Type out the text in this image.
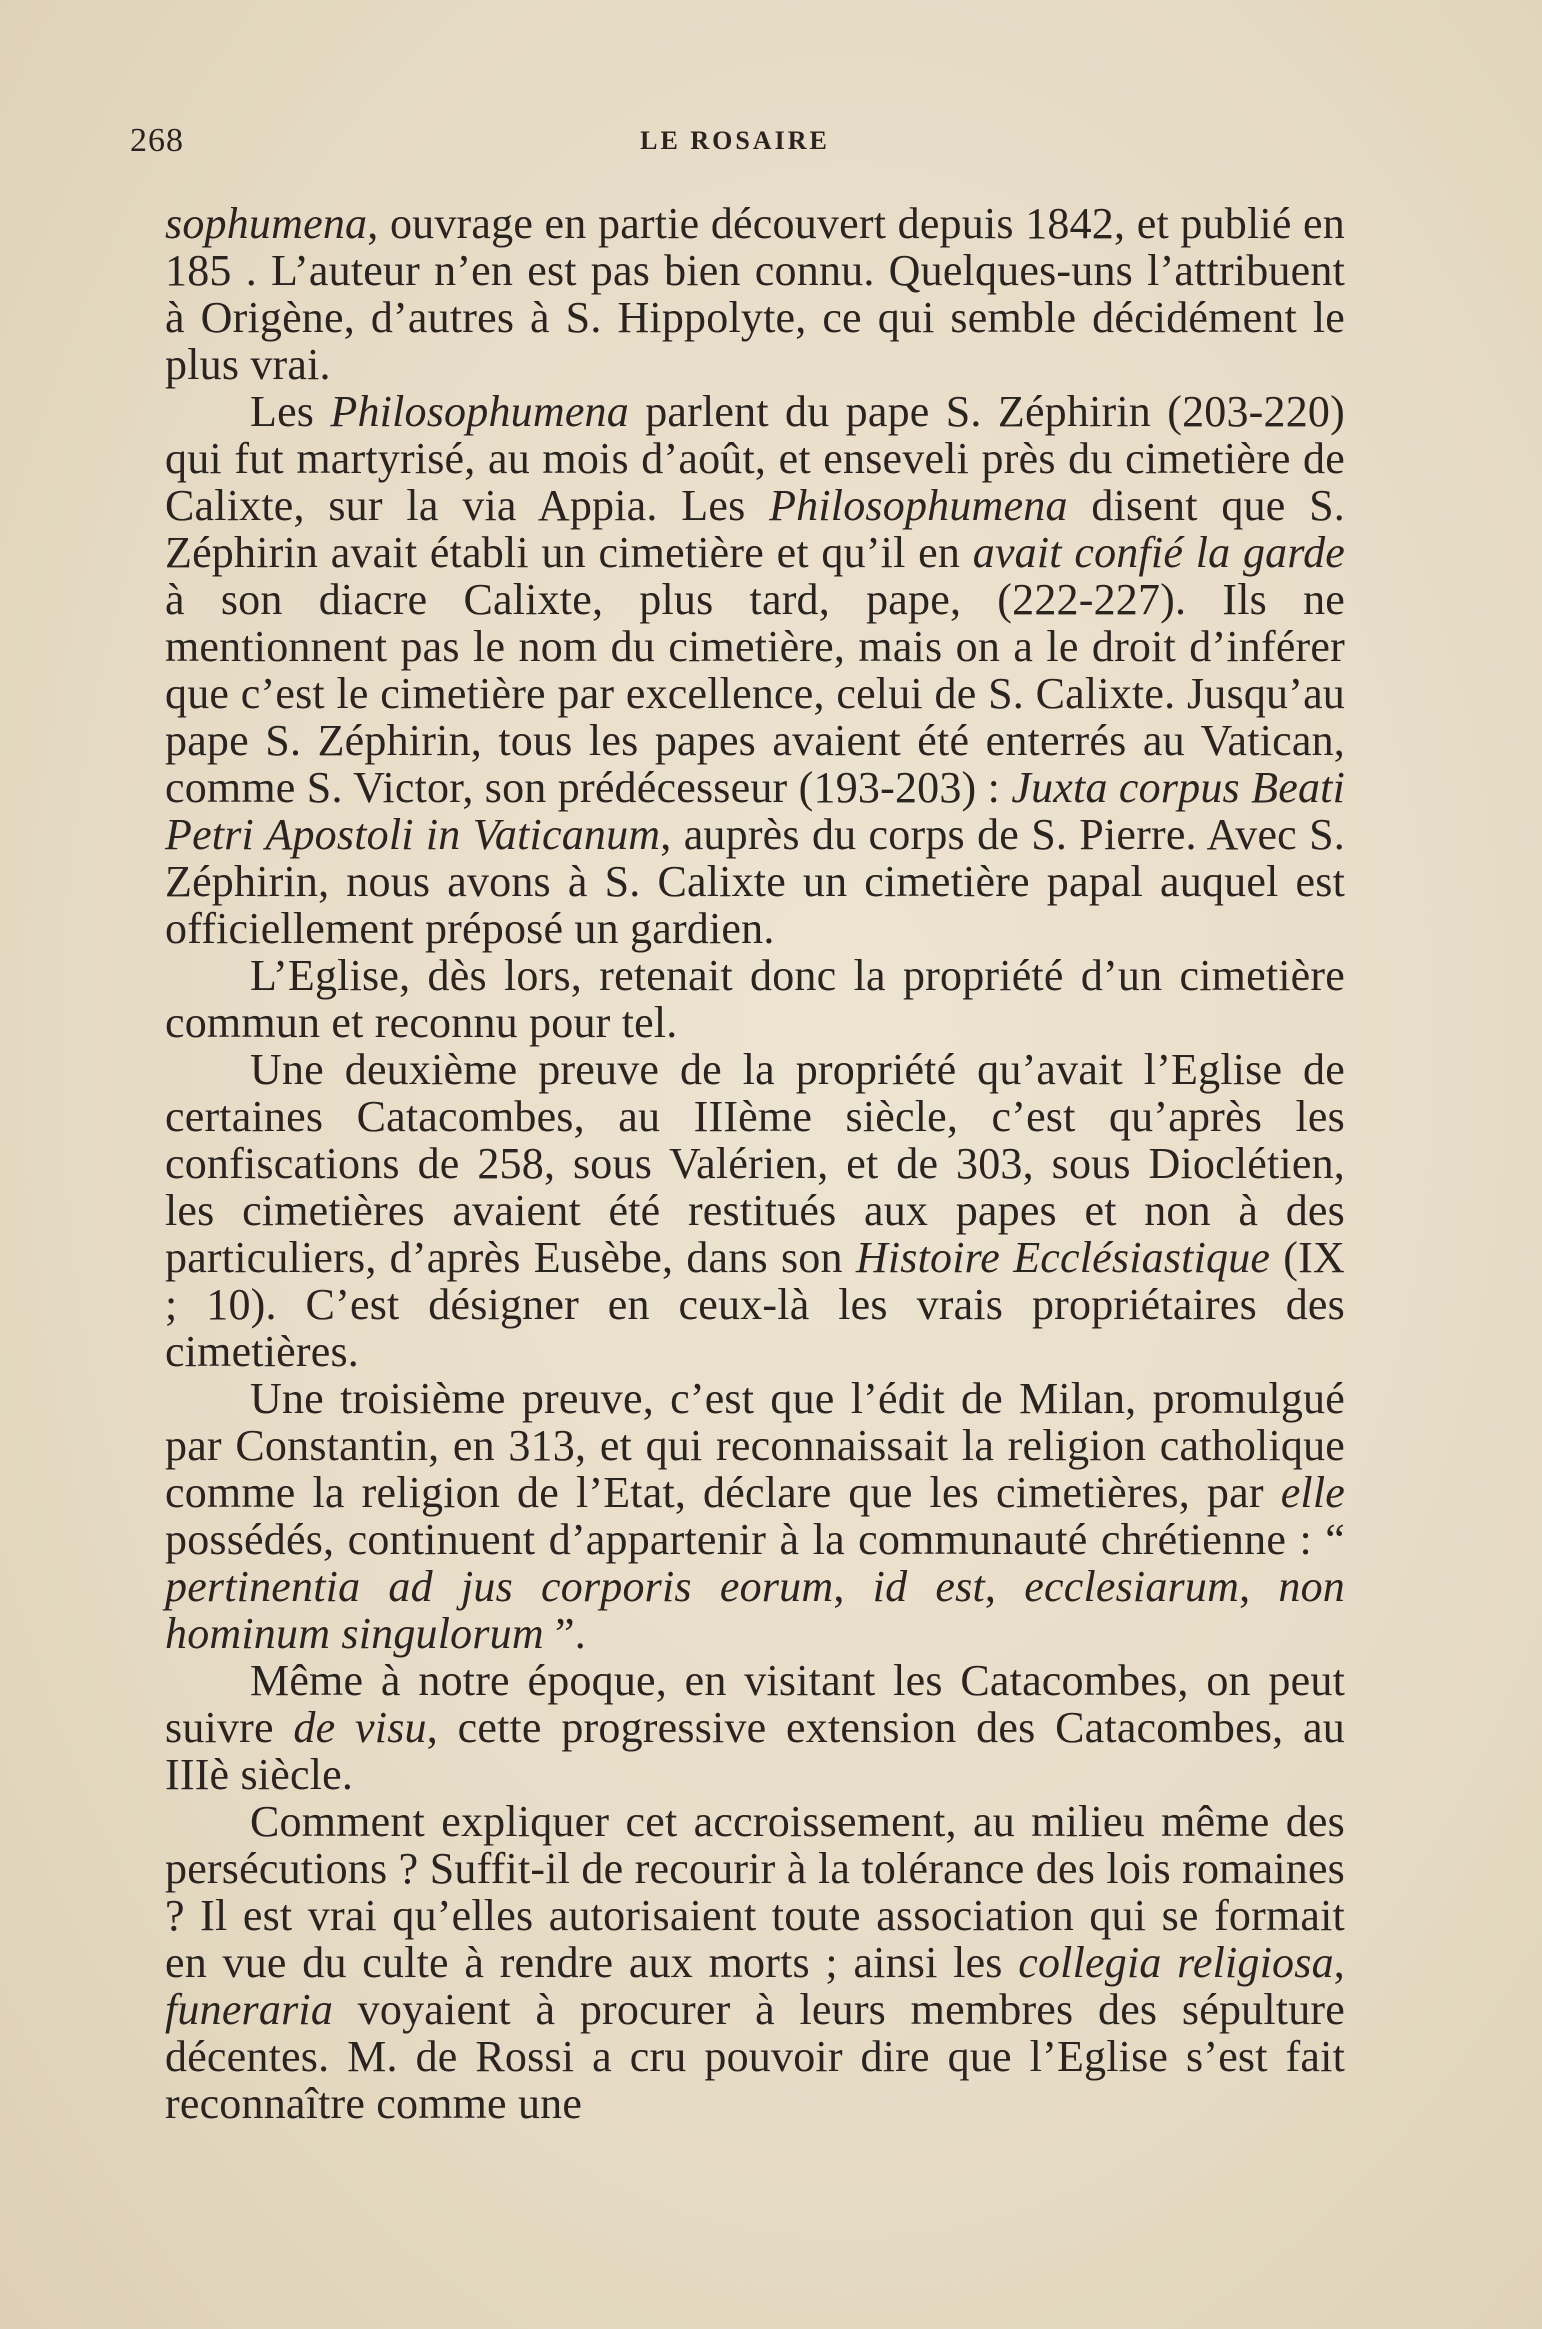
268	LE ROSAIRE

sophumena, ouvrage en partie découvert depuis 1842, et publié en 185 . L’auteur n’en est pas bien connu. Quelques-uns l’attribuent à Origène, d’autres à S. Hippolyte, ce qui semble décidément le plus vrai.

Les Philosophumena parlent du pape S. Zéphirin (203-220) qui fut martyrisé, au mois d’août, et enseveli près du cimetière de Calixte, sur la via Appia. Les Philosophumena disent que S. Zéphirin avait établi un cimetière et qu’il en avait confié la garde à son diacre Calixte, plus tard, pape, (222-227). Ils ne mentionnent pas le nom du cimetière, mais on a le droit d’inférer que c’est le cimetière par excellence, celui de S. Calixte. Jusqu’au pape S. Zéphirin, tous les papes avaient été enterrés au Vatican, comme S. Victor, son prédécesseur (193-203) : Juxta corpus Beati Petri Apostoli in Vaticanum, auprès du corps de S. Pierre. Avec S. Zéphirin, nous avons à S. Calixte un cimetière papal auquel est officiellement préposé un gardien.

L’Eglise, dès lors, retenait donc la propriété d’un cimetière commun et reconnu pour tel.

Une deuxième preuve de la propriété qu’avait l’Eglise de certaines Catacombes, au IIIème siècle, c’est qu’après les confiscations de 258, sous Valérien, et de 303, sous Dioclétien, les cimetières avaient été restitués aux papes et non à des particuliers, d’après Eusèbe, dans son Histoire Ecclésiastique (IX ; 10). C’est désigner en ceux-là les vrais propriétaires des cimetières.

Une troisième preuve, c’est que l’édit de Milan, promulgué par Constantin, en 313, et qui reconnaissait la religion catholique comme la religion de l’Etat, déclare que les cimetières, par elle possédés, continuent d’appartenir à la communauté chrétienne : “ pertinentia ad jus corporis eorum, id est, ecclesiarum, non hominum singulorum ”.

Même à notre époque, en visitant les Catacombes, on peut suivre de visu, cette progressive extension des Catacombes, au IIIè siècle.

Comment expliquer cet accroissement, au milieu même des persécutions ? Suffit-il de recourir à la tolérance des lois romaines ? Il est vrai qu’elles autorisaient toute association qui se formait en vue du culte à rendre aux morts ; ainsi les collegia religiosa, funeraria voyaient à procurer à leurs membres des sépulture décentes. M. de Rossi a cru pouvoir dire que l’Eglise s’est fait reconnaître comme une
